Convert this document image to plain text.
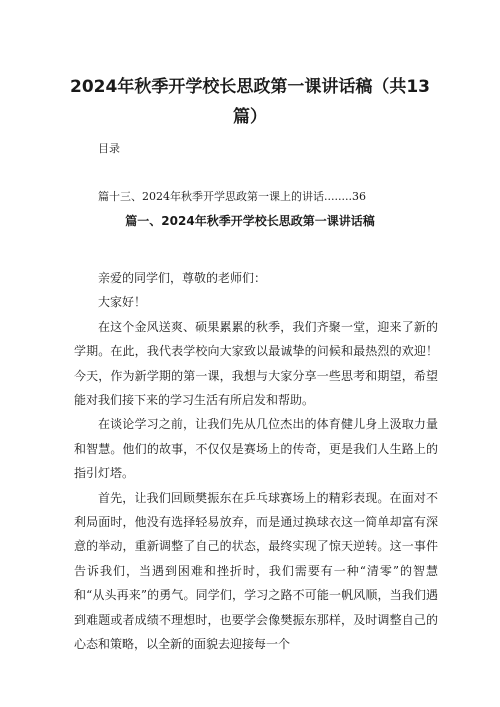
2024年秋季开学校长思政第一课讲话稿（共13篇）

目录

篇十三、2024年秋季开学思政第一课上的讲话........36

篇一、2024年秋季开学校长思政第一课讲话稿

亲爱的同学们，尊敬的老师们：

大家好！

在这个金风送爽、硕果累累的秋季，我们齐聚一堂，迎来了新的学期。在此，我代表学校向大家致以最诚挚的问候和最热烈的欢迎！今天，作为新学期的第一课，我想与大家分享一些思考和期望，希望能对我们接下来的学习生活有所启发和帮助。

在谈论学习之前，让我们先从几位杰出的体育健儿身上汲取力量和智慧。他们的故事，不仅仅是赛场上的传奇，更是我们人生路上的指引灯塔。

首先，让我们回顾樊振东在乒乓球赛场上的精彩表现。在面对不利局面时，他没有选择轻易放弃，而是通过换球衣这一简单却富有深意的举动，重新调整了自己的状态，最终实现了惊天逆转。这一事件告诉我们，当遇到困难和挫折时，我们需要有一种“清零”的智慧和“从头再来”的勇气。同学们，学习之路不可能一帆风顺，当我们遇到难题或者成绩不理想时，也要学会像樊振东那样，及时调整自己的心态和策略，以全新的面貌去迎接每一个
